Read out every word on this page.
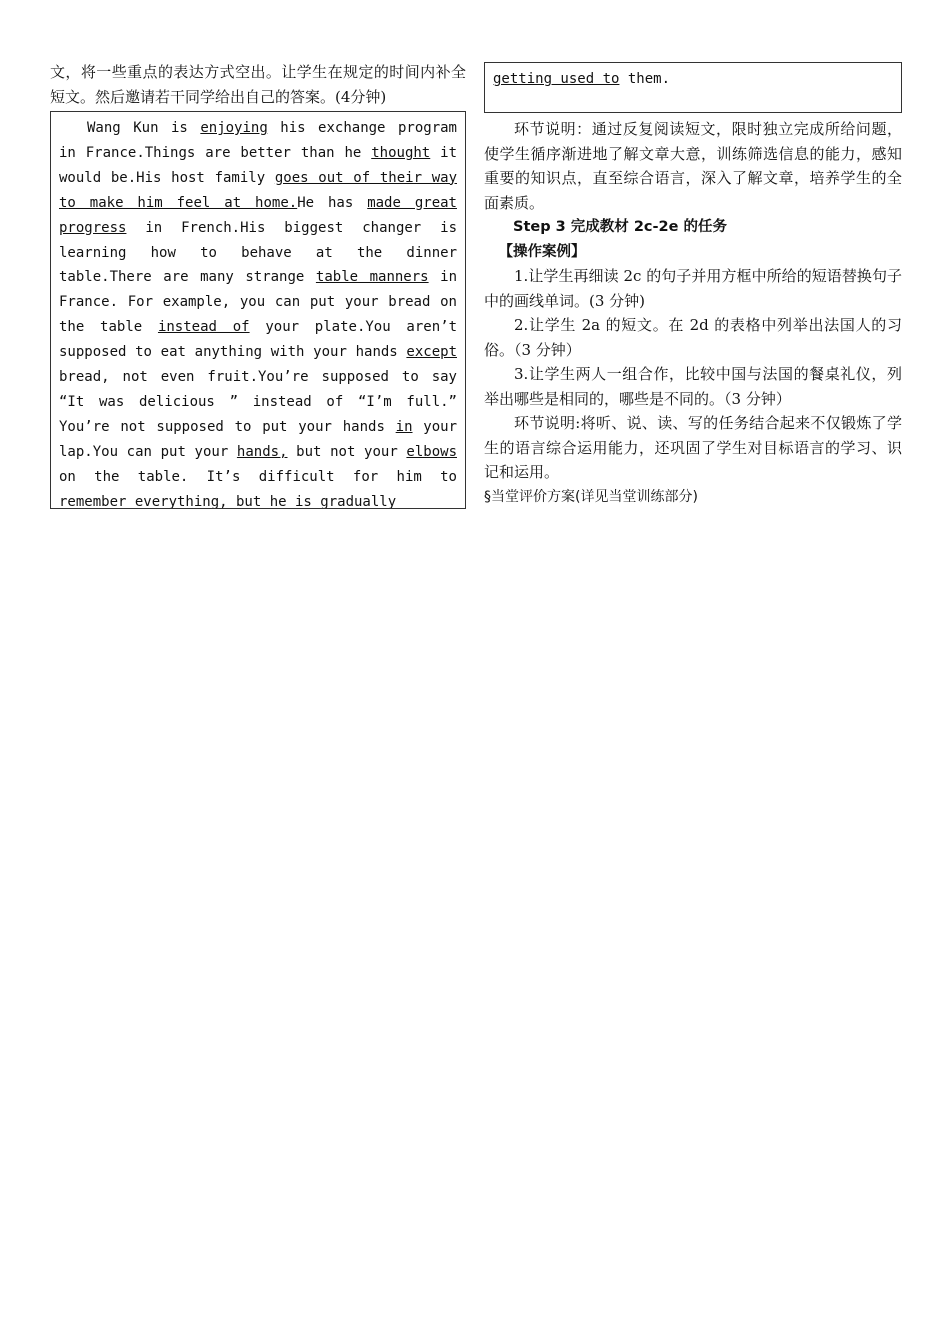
文，将一些重点的表达方式空出。让学生在规定的时间内补全短文。然后邀请若干同学给出自己的答案。(4分钟)

Wang Kun is enjoying his exchange program in France.Things are better than he thought it would be.His host family goes out of their way to make him feel at home.He has made great progress in French.His biggest changer is learning how to behave at the dinner table.There are many strange table manners in France. For example, you can put your bread on the table instead of your plate.You aren’t supposed to eat anything with your hands except bread, not even fruit.You’re supposed to say “It was delicious ” instead of “I’m full.” You’re not supposed to put your hands in your lap.You can put your hands, but not your elbows on the table. It’s difficult for him to remember everything, but he is gradually

getting used to them.

环节说明：通过反复阅读短文，限时独立完成所给问题，使学生循序渐进地了解文章大意，训练筛选信息的能力，感知重要的知识点，直至综合语言，深入了解文章，培养学生的全面素质。

Step 3 完成教材 2c-2e 的任务

【操作案例】

1.让学生再细读 2c 的句子并用方框中所给的短语替换句子中的画线单词。(3 分钟)

2.让学生 2a 的短文。在 2d 的表格中列举出法国人的习俗。（3 分钟）

3.让学生两人一组合作，比较中国与法国的餐桌礼仪，列举出哪些是相同的，哪些是不同的。（3 分钟）

环节说明:将听、说、读、写的任务结合起来不仅锻炼了学生的语言综合运用能力，还巩固了学生对目标语言的学习、识记和运用。

§当堂评价方案(详见当堂训练部分)
